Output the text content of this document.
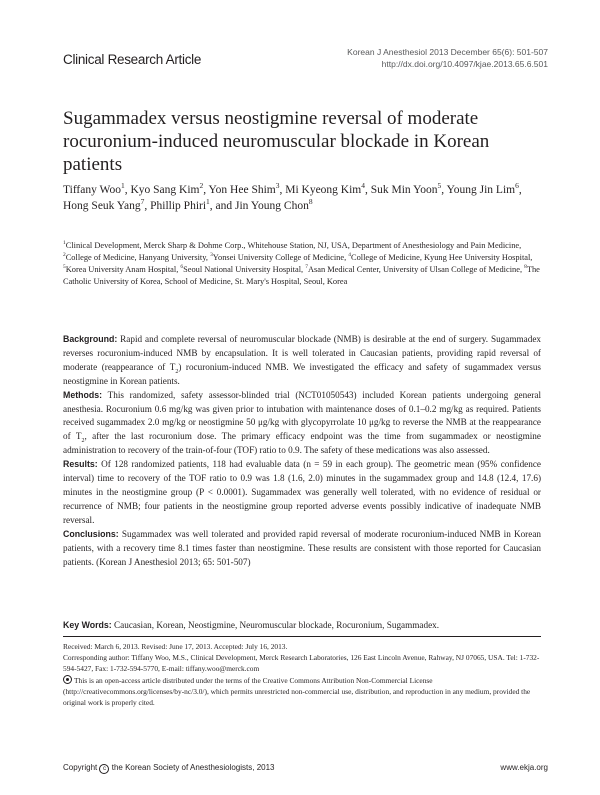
Clinical Research Article	Korean J Anesthesiol 2013 December 65(6): 501-507
http://dx.doi.org/10.4097/kjae.2013.65.6.501
Sugammadex versus neostigmine reversal of moderate rocuronium-induced neuromuscular blockade in Korean patients
Tiffany Woo$^1$, Kyo Sang Kim$^2$, Yon Hee Shim$^3$, Mi Kyeong Kim$^4$, Suk Min Yoon$^5$, Young Jin Lim$^6$, Hong Seuk Yang$^7$, Phillip Phiri$^1$, and Jin Young Chon$^8$
$^1$Clinical Development, Merck Sharp & Dohme Corp., Whitehouse Station, NJ, USA, Department of Anesthesiology and Pain Medicine, $^2$College of Medicine, Hanyang University, $^3$Yonsei University College of Medicine, $^4$College of Medicine, Kyung Hee University Hospital, $^5$Korea University Anam Hospital, $^6$Seoul National University Hospital, $^7$Asan Medical Center, University of Ulsan College of Medicine, $^8$The Catholic University of Korea, School of Medicine, St. Mary's Hospital, Seoul, Korea

Background: Rapid and complete reversal of neuromuscular blockade (NMB) is desirable at the end of surgery. Sugammadex reverses rocuronium-induced NMB by encapsulation. It is well tolerated in Caucasian patients, providing rapid reversal of moderate (reappearance of $T_2$) rocuronium-induced NMB. We investigated the efficacy and safety of sugammadex versus neostigmine in Korean patients.

Methods: This randomized, safety assessor-blinded trial (NCT01050543) included Korean patients undergoing general anesthesia. Rocuronium 0.6 mg/kg was given prior to intubation with maintenance doses of 0.1–0.2 mg/kg as required. Patients received sugammadex 2.0 mg/kg or neostigmine 50 μg/kg with glycopyrrolate 10 μg/kg to reverse the NMB at the reappearance of $T_2$, after the last rocuronium dose. The primary efficacy endpoint was the time from sugammadex or neostigmine administration to recovery of the train-of-four (TOF) ratio to 0.9. The safety of these medications was also assessed.

Results: Of 128 randomized patients, 118 had evaluable data (n = 59 in each group). The geometric mean (95% confidence interval) time to recovery of the TOF ratio to 0.9 was 1.8 (1.6, 2.0) minutes in the sugammadex group and 14.8 (12.4, 17.6) minutes in the neostigmine group (P < 0.0001). Sugammadex was generally well tolerated, with no evidence of residual or recurrence of NMB; four patients in the neostigmine group reported adverse events possibly indicative of inadequate NMB reversal.

Conclusions: Sugammadex was well tolerated and provided rapid reversal of moderate rocuronium-induced NMB in Korean patients, with a recovery time 8.1 times faster than neostigmine. These results are consistent with those reported for Caucasian patients. (Korean J Anesthesiol 2013; 65: 501-507)

Key Words: Caucasian, Korean, Neostigmine, Neuromuscular blockade, Rocuronium, Sugammadex.

Received: March 6, 2013. Revised: June 17, 2013. Accepted: July 16, 2013.

Corresponding author: Tiffany Woo, M.S., Clinical Development, Merck Research Laboratories, 126 East Lincoln Avenue, Rahway, NJ 07065, USA. Tel: 1-732-594-5427, Fax: 1-732-594-5770, E-mail: tiffany.woo@merck.com

This is an open-access article distributed under the terms of the Creative Commons Attribution Non-Commercial License (http://creativecommons.org/licenses/by-nc/3.0/), which permits unrestricted non-commercial use, distribution, and reproduction in any medium, provided the original work is properly cited.

Copyright c the Korean Society of Anesthesiologists, 2013	www.ekja.org
